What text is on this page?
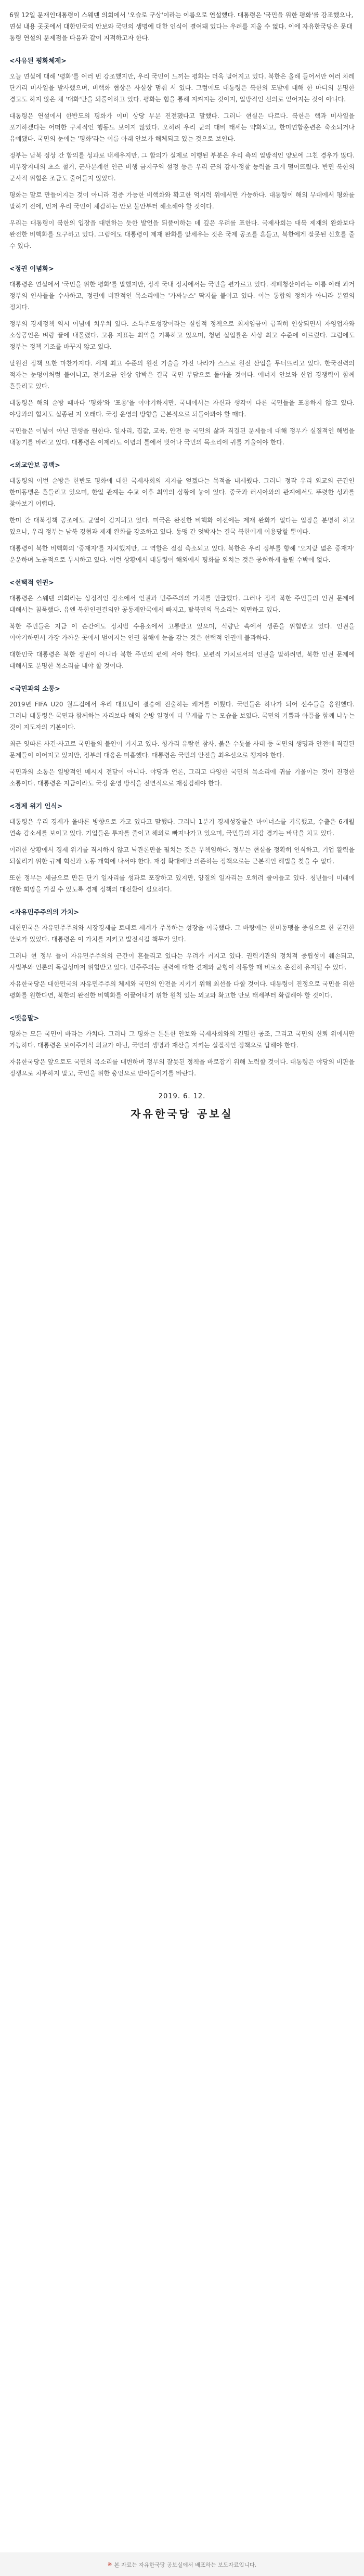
6월 12일 문재인대통령이 스웨덴 의회에서 '오슬로 구상'이라는 이름으로 연설했다. 대통령은 '국민을 위한 평화'를 강조했으나, 연설 내용 곳곳에서 대한민국의 안보와 국민의 생명에 대한 인식이 결여돼 있다는 우려를 지울 수 없다. 이에 자유한국당은 문대통령 연설의 문제점을 다음과 같이 지적하고자 한다.

<사유된 평화체제>

오늘 연설에 대해 '평화'를 여러 번 강조했지만, 우리 국민이 느끼는 평화는 더욱 멀어지고 있다. 북한은 올해 들어서만 여러 차례 단거리 미사일을 발사했으며, 비핵화 협상은 사실상 멈춰 서 있다. 그럼에도 대통령은 북한의 도발에 대해 한 마디의 분명한 경고도 하지 않은 채 '대화'만을 되풀이하고 있다. 평화는 힘을 통해 지켜지는 것이지, 일방적인 선의로 얻어지는 것이 아니다.

대통령은 연설에서 한반도의 평화가 이미 상당 부분 진전됐다고 말했다. 그러나 현실은 다르다. 북한은 핵과 미사일을 포기하겠다는 어떠한 구체적인 행동도 보이지 않았다. 오히려 우리 군의 대비 태세는 약화되고, 한미연합훈련은 축소되거나 유예됐다. 국민의 눈에는 '평화'라는 이름 아래 안보가 해체되고 있는 것으로 보인다.

정부는 남북 정상 간 합의를 성과로 내세우지만, 그 합의가 실제로 이행된 부분은 우리 측의 일방적인 양보에 그친 경우가 많다. 비무장지대의 초소 철거, 군사분계선 인근 비행 금지구역 설정 등은 우리 군의 감시·정찰 능력을 크게 떨어뜨렸다. 반면 북한의 군사적 위협은 조금도 줄어들지 않았다.

평화는 말로 만들어지는 것이 아니라 검증 가능한 비핵화와 확고한 억지력 위에서만 가능하다. 대통령이 해외 무대에서 평화를 말하기 전에, 먼저 우리 국민이 체감하는 안보 불안부터 해소해야 할 것이다.

우리는 대통령이 북한의 입장을 대변하는 듯한 발언을 되풀이하는 데 깊은 우려를 표한다. 국제사회는 대북 제재의 완화보다 완전한 비핵화를 요구하고 있다. 그럼에도 대통령이 제재 완화를 앞세우는 것은 국제 공조를 흔들고, 북한에게 잘못된 신호를 줄 수 있다.

<정권 이념화>

대통령은 연설에서 '국민을 위한 평화'를 말했지만, 정작 국내 정치에서는 국민을 편가르고 있다. 적폐청산이라는 이름 아래 과거 정부의 인사들을 수사하고, 정권에 비판적인 목소리에는 '가짜뉴스' 딱지를 붙이고 있다. 이는 통합의 정치가 아니라 분열의 정치다.

정부의 경제정책 역시 이념에 치우쳐 있다. 소득주도성장이라는 실험적 정책으로 최저임금이 급격히 인상되면서 자영업자와 소상공인은 벼랑 끝에 내몰렸다. 고용 지표는 최악을 기록하고 있으며, 청년 실업률은 사상 최고 수준에 이르렀다. 그럼에도 정부는 정책 기조를 바꾸지 않고 있다.

탈원전 정책 또한 마찬가지다. 세계 최고 수준의 원전 기술을 가진 나라가 스스로 원전 산업을 무너뜨리고 있다. 한국전력의 적자는 눈덩이처럼 불어나고, 전기요금 인상 압박은 결국 국민 부담으로 돌아올 것이다. 에너지 안보와 산업 경쟁력이 함께 흔들리고 있다.

대통령은 해외 순방 때마다 '평화'와 '포용'을 이야기하지만, 국내에서는 자신과 생각이 다른 국민들을 포용하지 않고 있다. 야당과의 협치도 실종된 지 오래다. 국정 운영의 방향을 근본적으로 되돌아봐야 할 때다.

국민들은 이념이 아닌 민생을 원한다. 일자리, 집값, 교육, 안전 등 국민의 삶과 직결된 문제들에 대해 정부가 실질적인 해법을 내놓기를 바라고 있다. 대통령은 이제라도 이념의 틀에서 벗어나 국민의 목소리에 귀를 기울여야 한다.

<외교안보 공백>

대통령의 이번 순방은 한반도 평화에 대한 국제사회의 지지를 얻겠다는 목적을 내세웠다. 그러나 정작 우리 외교의 근간인 한미동맹은 흔들리고 있으며, 한일 관계는 수교 이후 최악의 상황에 놓여 있다. 중국과 러시아와의 관계에서도 뚜렷한 성과를 찾아보기 어렵다.

한미 간 대북정책 공조에도 균열이 감지되고 있다. 미국은 완전한 비핵화 이전에는 제재 완화가 없다는 입장을 분명히 하고 있으나, 우리 정부는 남북 경협과 제재 완화를 강조하고 있다. 동맹 간 엇박자는 결국 북한에게 이용당할 뿐이다.

대통령이 북한 비핵화의 '중재자'를 자처했지만, 그 역할은 점점 축소되고 있다. 북한은 우리 정부를 향해 '오지랖 넓은 중재자' 운운하며 노골적으로 무시하고 있다. 이런 상황에서 대통령이 해외에서 평화를 외치는 것은 공허하게 들릴 수밖에 없다.

<선택적 인권>

대통령은 스웨덴 의회라는 상징적인 장소에서 인권과 민주주의의 가치를 언급했다. 그러나 정작 북한 주민들의 인권 문제에 대해서는 침묵했다. 유엔 북한인권결의안 공동제안국에서 빠지고, 탈북민의 목소리는 외면하고 있다.

북한 주민들은 지금 이 순간에도 정치범 수용소에서 고통받고 있으며, 식량난 속에서 생존을 위협받고 있다. 인권을 이야기하면서 가장 가까운 곳에서 벌어지는 인권 침해에 눈을 감는 것은 선택적 인권에 불과하다.

대한민국 대통령은 북한 정권이 아니라 북한 주민의 편에 서야 한다. 보편적 가치로서의 인권을 말하려면, 북한 인권 문제에 대해서도 분명한 목소리를 내야 할 것이다.

<국민과의 소통>

2019년 FIFA U20 월드컵에서 우리 대표팀이 결승에 진출하는 쾌거를 이뤘다. 국민들은 하나가 되어 선수들을 응원했다. 그러나 대통령은 국민과 함께하는 자리보다 해외 순방 일정에 더 무게를 두는 모습을 보였다. 국민의 기쁨과 아픔을 함께 나누는 것이 지도자의 기본이다.

최근 잇따른 사건·사고로 국민들의 불안이 커지고 있다. 헝가리 유람선 참사, 붉은 수돗물 사태 등 국민의 생명과 안전에 직결된 문제들이 이어지고 있지만, 정부의 대응은 미흡했다. 대통령은 국민의 안전을 최우선으로 챙겨야 한다.

국민과의 소통은 일방적인 메시지 전달이 아니다. 야당과 언론, 그리고 다양한 국민의 목소리에 귀를 기울이는 것이 진정한 소통이다. 대통령은 지금이라도 국정 운영 방식을 전면적으로 재점검해야 한다.

<경제 위기 인식>

대통령은 우리 경제가 올바른 방향으로 가고 있다고 말했다. 그러나 1분기 경제성장률은 마이너스를 기록했고, 수출은 6개월 연속 감소세를 보이고 있다. 기업들은 투자를 줄이고 해외로 빠져나가고 있으며, 국민들의 체감 경기는 바닥을 치고 있다.

이러한 상황에서 경제 위기를 직시하지 않고 낙관론만을 펼치는 것은 무책임하다. 정부는 현실을 정확히 인식하고, 기업 활력을 되살리기 위한 규제 혁신과 노동 개혁에 나서야 한다. 재정 확대에만 의존하는 정책으로는 근본적인 해법을 찾을 수 없다.

또한 정부는 세금으로 만든 단기 일자리를 성과로 포장하고 있지만, 양질의 일자리는 오히려 줄어들고 있다. 청년들이 미래에 대한 희망을 가질 수 있도록 경제 정책의 대전환이 필요하다.

<자유민주주의의 가치>

대한민국은 자유민주주의와 시장경제를 토대로 세계가 주목하는 성장을 이룩했다. 그 바탕에는 한미동맹을 중심으로 한 굳건한 안보가 있었다. 대통령은 이 가치를 지키고 발전시킬 책무가 있다.

그러나 현 정부 들어 자유민주주의의 근간이 흔들리고 있다는 우려가 커지고 있다. 권력기관의 정치적 중립성이 훼손되고, 사법부와 언론의 독립성마저 위협받고 있다. 민주주의는 권력에 대한 견제와 균형이 작동할 때 비로소 온전히 유지될 수 있다.

자유한국당은 대한민국의 자유민주주의 체제와 국민의 안전을 지키기 위해 최선을 다할 것이다. 대통령이 진정으로 국민을 위한 평화를 원한다면, 북한의 완전한 비핵화를 이끌어내기 위한 원칙 있는 외교와 확고한 안보 태세부터 확립해야 할 것이다.

<맺음말>

평화는 모든 국민이 바라는 가치다. 그러나 그 평화는 튼튼한 안보와 국제사회와의 긴밀한 공조, 그리고 국민의 신뢰 위에서만 가능하다. 대통령은 보여주기식 외교가 아닌, 국민의 생명과 재산을 지키는 실질적인 정책으로 답해야 한다.

자유한국당은 앞으로도 국민의 목소리를 대변하며 정부의 잘못된 정책을 바로잡기 위해 노력할 것이다. 대통령은 야당의 비판을 정쟁으로 치부하지 말고, 국민을 위한 충언으로 받아들이기를 바란다.

2019. 6. 12.
자유한국당 공보실
※ 본 자료는 자유한국당 공보실에서 배포하는 보도자료입니다.
